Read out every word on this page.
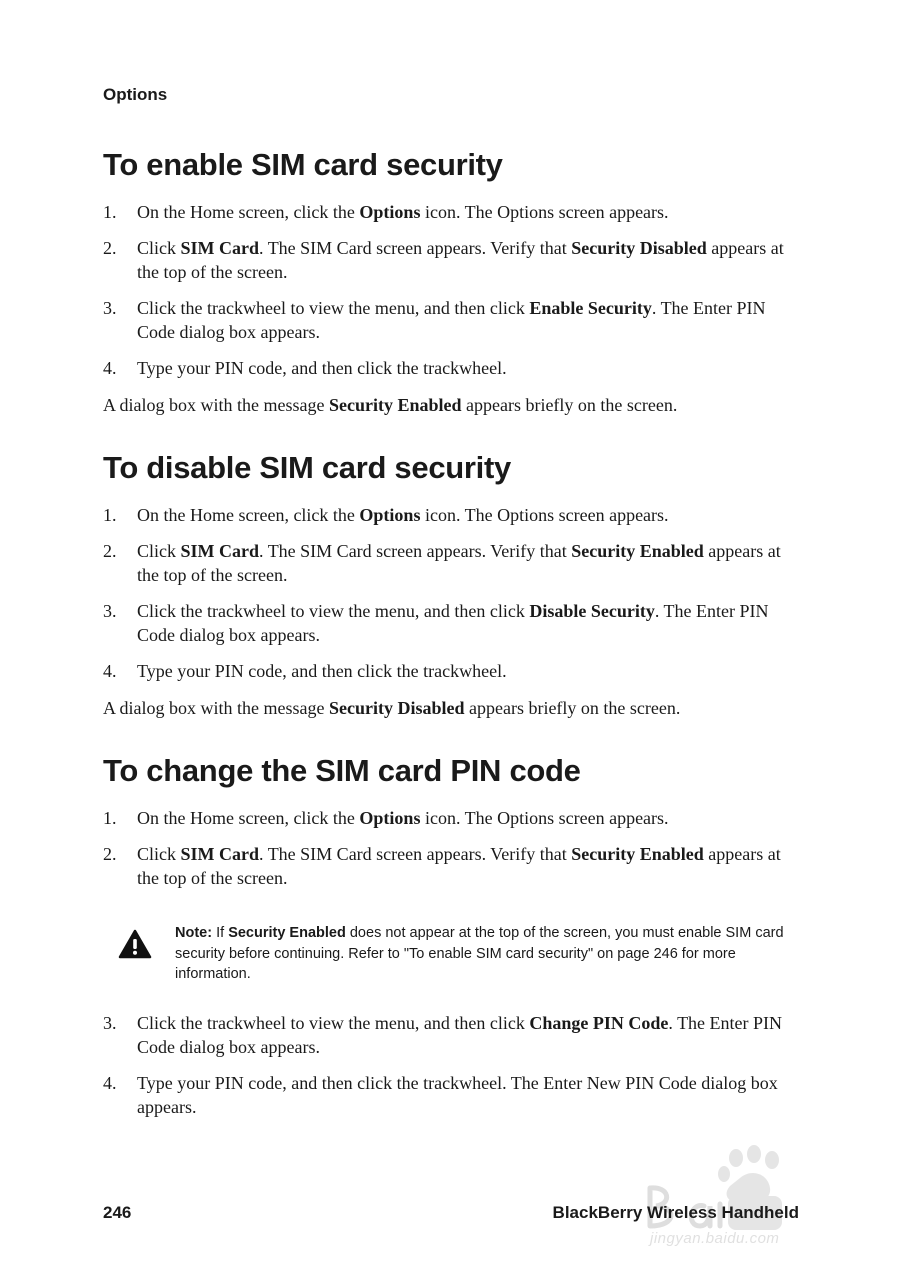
Options
To enable SIM card security
1. On the Home screen, click the Options icon. The Options screen appears.
2. Click SIM Card. The SIM Card screen appears. Verify that Security Disabled appears at the top of the screen.
3. Click the trackwheel to view the menu, and then click Enable Security. The Enter PIN Code dialog box appears.
4. Type your PIN code, and then click the trackwheel.

A dialog box with the message Security Enabled appears briefly on the screen.

To disable SIM card security
1. On the Home screen, click the Options icon. The Options screen appears.
2. Click SIM Card. The SIM Card screen appears. Verify that Security Enabled appears at the top of the screen.
3. Click the trackwheel to view the menu, and then click Disable Security. The Enter PIN Code dialog box appears.
4. Type your PIN code, and then click the trackwheel.

A dialog box with the message Security Disabled appears briefly on the screen.

To change the SIM card PIN code
1. On the Home screen, click the Options icon. The Options screen appears.
2. Click SIM Card. The SIM Card screen appears. Verify that Security Enabled appears at the top of the screen.
Note: If Security Enabled does not appear at the top of the screen, you must enable SIM card security before continuing. Refer to "To enable SIM card security" on page 246 for more information.
3. Click the trackwheel to view the menu, and then click Change PIN Code. The Enter PIN Code dialog box appears.
4. Type your PIN code, and then click the trackwheel. The Enter New PIN Code dialog box appears.
jingyan.baidu.com
246	BlackBerry Wireless Handheld
